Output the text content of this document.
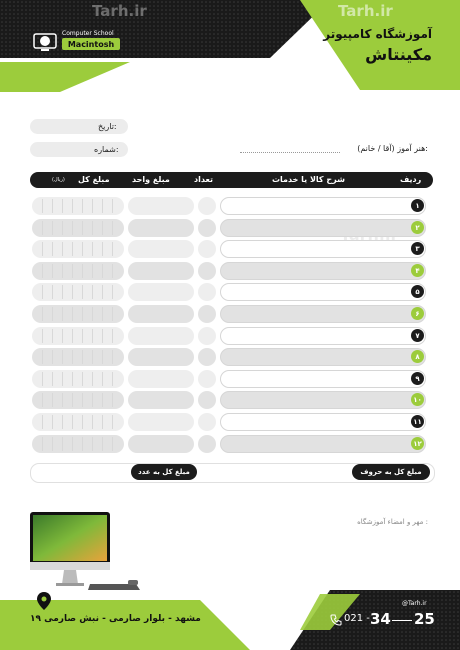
Tarh.ir	Tarh.ir
Computer School
Macintosh
آموزشگاه کامپیوتر
مکینتاش
تاریخ:
شماره:	هنر آموز (آقا / خانم):
ردیف
شرح کالا یا خدمات
تعداد
مبلغ واحد
مبلغ کل
(ریال)
۱
۲
۳
۴
۵
۶
۷
۸
۹
۱۰
۱۱
۱۲
مبلغ کل به حروف
مبلغ کل به عدد
مهر و امضاء آموزشگاه :
مشهد - بلوار صارمی - نبش صارمی ۱۹
@Tarh.ir
021 - 34 25
